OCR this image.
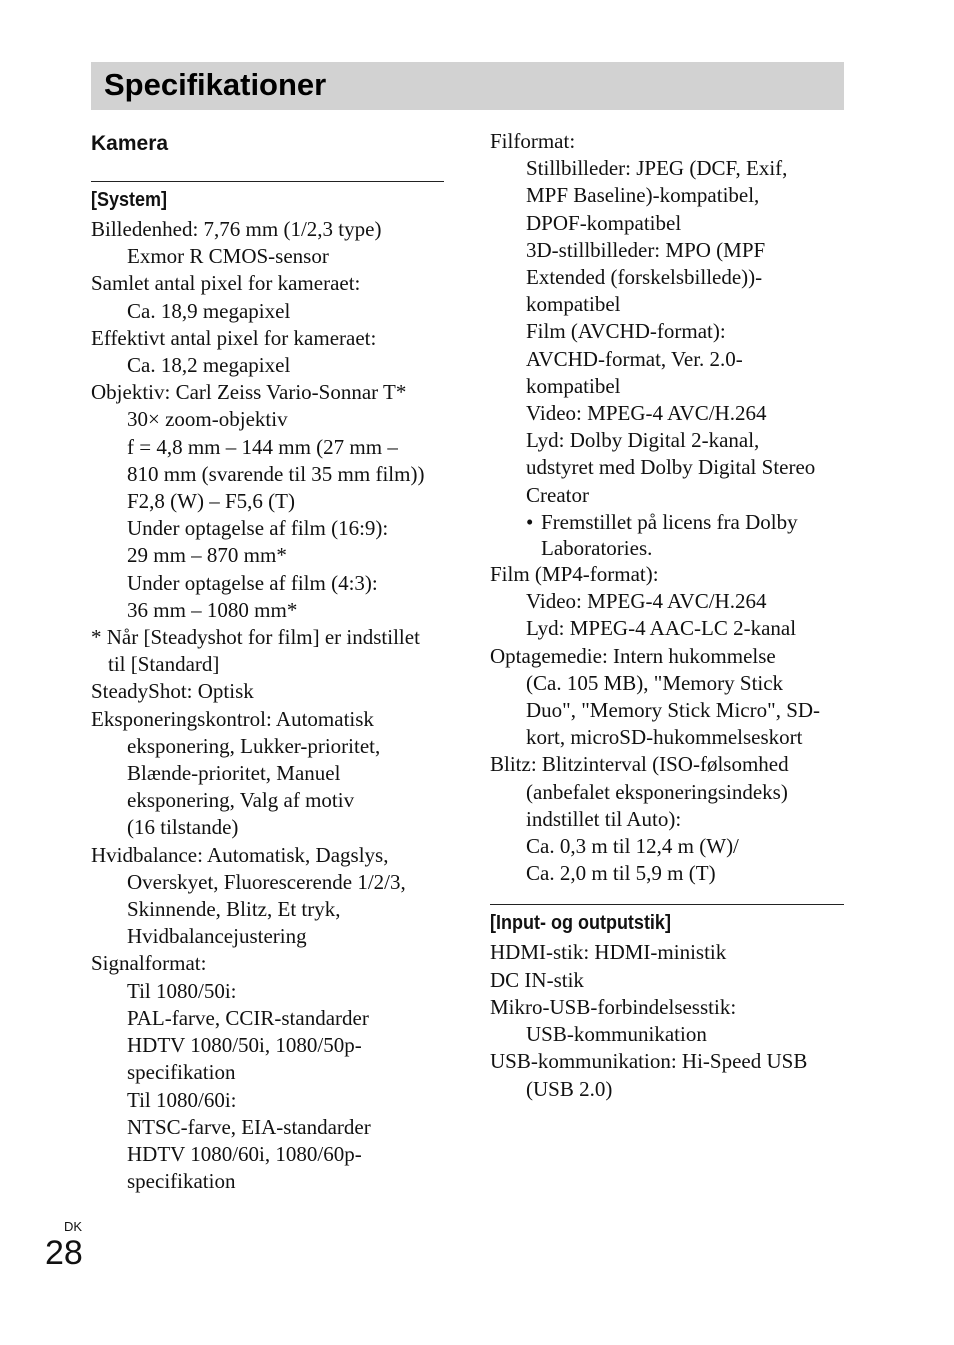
Specifikationer
Kamera
[System]
Billedenhed: 7,76 mm (1/2,3 type)
Exmor R CMOS-sensor
Samlet antal pixel for kameraet:
Ca. 18,9 megapixel
Effektivt antal pixel for kameraet:
Ca. 18,2 megapixel
Objektiv: Carl Zeiss Vario-Sonnar T*
30× zoom-objektiv
f = 4,8 mm – 144 mm (27 mm –
810 mm (svarende til 35 mm film))
F2,8 (W) – F5,6 (T)
Under optagelse af film (16:9):
29 mm – 870 mm*
Under optagelse af film (4:3):
36 mm – 1080 mm*
* Når [Steadyshot for film] er indstillet
til [Standard]
SteadyShot: Optisk
Eksponeringskontrol: Automatisk
eksponering, Lukker-prioritet,
Blænde-prioritet, Manuel
eksponering, Valg af motiv
(16 tilstande)
Hvidbalance: Automatisk, Dagslys,
Overskyet, Fluorescerende 1/2/3,
Skinnende, Blitz, Et tryk,
Hvidbalancejustering
Signalformat:
Til 1080/50i:
PAL-farve, CCIR-standarder
HDTV 1080/50i, 1080/50p-
specifikation
Til 1080/60i:
NTSC-farve, EIA-standarder
HDTV 1080/60i, 1080/60p-
specifikation
Filformat:
Stillbilleder: JPEG (DCF, Exif,
MPF Baseline)-kompatibel,
DPOF-kompatibel
3D-stillbilleder: MPO (MPF
Extended (forskelsbillede))-
kompatibel
Film (AVCHD-format):
AVCHD-format, Ver. 2.0-
kompatibel
Video: MPEG-4 AVC/H.264
Lyd: Dolby Digital 2-kanal,
udstyret med Dolby Digital Stereo
Creator
• Fremstillet på licens fra Dolby
Laboratories.
Film (MP4-format):
Video: MPEG-4 AVC/H.264
Lyd: MPEG-4 AAC-LC 2-kanal
Optagemedie: Intern hukommelse
(Ca. 105 MB), "Memory Stick
Duo", "Memory Stick Micro", SD-
kort, microSD-hukommelseskort
Blitz: Blitzinterval (ISO-følsomhed
(anbefalet eksponeringsindeks)
indstillet til Auto):
Ca. 0,3 m til 12,4 m (W)/
Ca. 2,0 m til 5,9 m (T)
[Input- og outputstik]
HDMI-stik: HDMI-ministik
DC IN-stik
Mikro-USB-forbindelsesstik:
USB-kommunikation
USB-kommunikation: Hi-Speed USB
(USB 2.0)
DK
28
